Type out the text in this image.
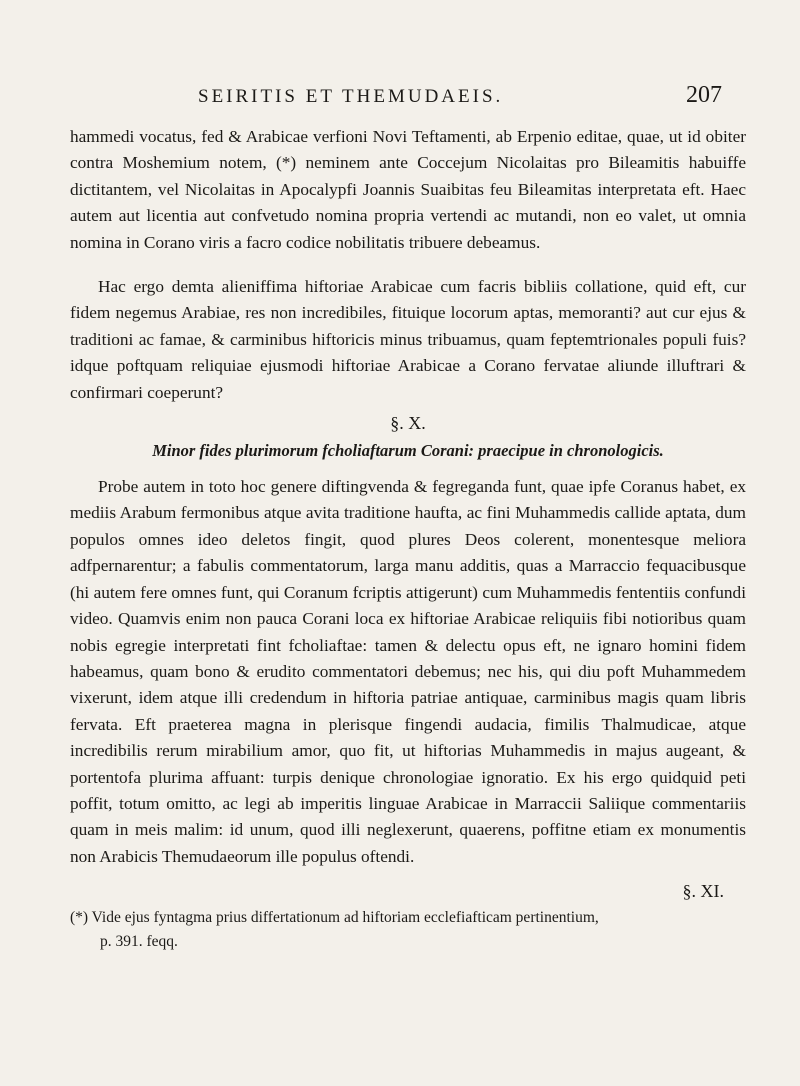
SEIRITIS ET THEMUDAEIS.	207

hammedi vocatus, fed & Arabicae verfioni Novi Teftamenti, ab Erpenio editae, quae, ut id obiter contra Moshemium notem, (*) neminem ante Coccejum Nicolaitas pro Bileamitis habuiffe dictitantem, vel Nicolaitas in Apocalypfi Joannis Suaibitas feu Bileamitas interpretata eft. Haec autem aut licentia aut confvetudo nomina propria vertendi ac mutandi, non eo valet, ut omnia nomina in Corano viris a facro codice nobilitatis tribuere debeamus.

Hac ergo demta alieniffima hiftoriae Arabicae cum facris bibliis collatione, quid eft, cur fidem negemus Arabiae, res non incredibiles, fituique locorum aptas, memoranti? aut cur ejus & traditioni ac famae, & carminibus hiftoricis minus tribuamus, quam feptemtrionales populi fuis? idque poftquam reliquiae ejusmodi hiftoriae Arabicae a Corano fervatae aliunde illuftrari & confirmari coeperunt?

§. X.
Minor fides plurimorum fcholiaftarum Corani: praecipue in chronologicis.

Probe autem in toto hoc genere diftingvenda & fegreganda funt, quae ipfe Coranus habet, ex mediis Arabum fermonibus atque avita traditione haufta, ac fini Muhammedis callide aptata, dum populos omnes ideo deletos fingit, quod plures Deos colerent, monentesque meliora adfpernarentur; a fabulis commentatorum, larga manu additis, quas a Marraccio fequacibusque (hi autem fere omnes funt, qui Coranum fcriptis attigerunt) cum Muhammedis fententiis confundi video. Quamvis enim non pauca Corani loca ex hiftoriae Arabicae reliquiis fibi notioribus quam nobis egregie interpretati fint fcholiaftae: tamen & delectu opus eft, ne ignaro homini fidem habeamus, quam bono & erudito commentatori debemus; nec his, qui diu poft Muhammedem vixerunt, idem atque illi credendum in hiftoria patriae antiquae, carminibus magis quam libris fervata. Eft praeterea magna in plerisque fingendi audacia, fimilis Thalmudicae, atque incredibilis rerum mirabilium amor, quo fit, ut hiftorias Muhammedis in majus augeant, & portentofa plurima affuant: turpis denique chronologiae ignoratio. Ex his ergo quidquid peti poffit, totum omitto, ac legi ab imperitis linguae Arabicae in Marraccii Saliique commentariis quam in meis malim: id unum, quod illi neglexerunt, quaerens, poffitne etiam ex monumentis non Arabicis Themudaeorum ille populus oftendi.

§. XI.

(*) Vide ejus fyntagma prius differtationum ad hiftoriam ecclefiafticam pertinentium,
p. 391. feqq.
